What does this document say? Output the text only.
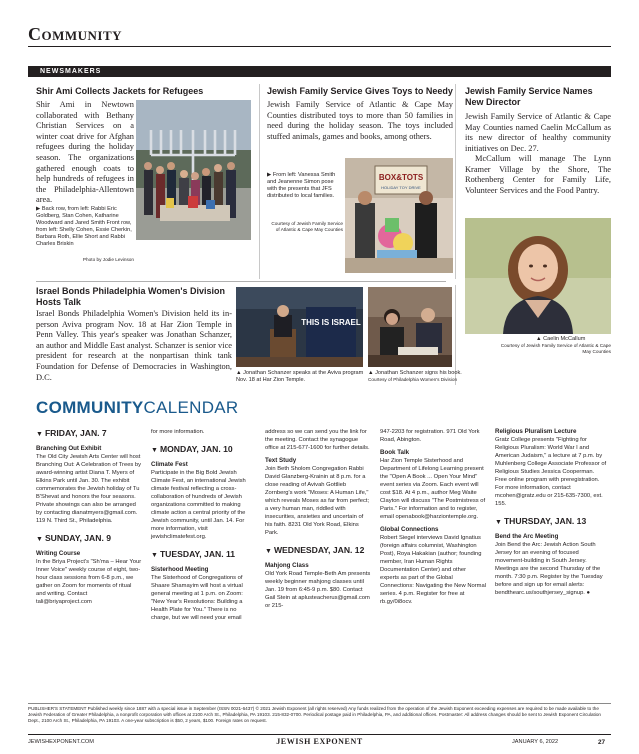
Community
NEWSMAKERS
Shir Ami Collects Jackets for Refugees
Shir Ami in Newtown collaborated with Bethany Christian Services on a winter coat drive for Afghan refugees during the holiday season. The organizations gathered enough coats to help hundreds of refugees in the Philadelphia-Allentown area.
▶ Back row, from left: Rabbi Eric Goldberg, Stan Cohen, Katharine Woodward and Jared Smith Front row, from left: Shelly Cohen, Essie Cherkin, Barbara Roth, Ellie Short and Rabbi Charles Briskin
Photo by Jodie Levinson
Jewish Family Service Gives Toys to Needy
Jewish Family Service of Atlantic & Cape May Counties distributed toys to more than 50 families in need during the holiday season. The toys included stuffed animals, games and books, among others.
▶ From left: Vanessa Smith and Jeanenne Simon pose with the presents that JFS distributed to local families.
Courtesy of Jewish Family Service of Atlantic & Cape May Counties
BOX&TOTS
HOLIDAY TOY DRIVE
Jewish Family Service Names New Director
Jewish Family Service of Atlantic & Cape May Counties named Caelin McCallum as its new director of healthy community initiatives on Dec. 27.
McCallum will manage The Lynn Kramer Village by the Shore, The Rothenberg Center for Family Life, Volunteer Services and the Food Pantry.
▲ Caelin McCallum
Courtesy of Jewish Family Service of Atlantic & Cape May Counties
Israel Bonds Philadelphia Women's Division Hosts Talk
Israel Bonds Philadelphia Women's Division held its in-person Aviva program Nov. 18 at Har Zion Temple in Penn Valley. This year's speaker was Jonathan Schanzer, an author and Middle East analyst. Schanzer is senior vice president for research at the nonpartisan think tank Foundation for Defense of Democracies in Washington, D.C.
THIS IS ISRAEL
▲ Jonathan Schanzer speaks at the Aviva program Nov. 18 at Har Zion Temple.
▲ Jonathan Schanzer signs his book.
Courtesy of Philadelphia Women's Division
COMMUNITYCALENDAR
▼ FRIDAY, JAN. 7
Branching Out Exhibit
The Old City Jewish Arts Center will host Branching Out: A Celebration of Trees by award-winning artist Diana T. Myers of Elkins Park until Jan. 30. The exhibit commemorates the Jewish holiday of Tu B'Shevat and honors the four seasons. Private showings can also be arranged by contacting dianatmyers@gmail.com. 119 N. Third St., Philadelphia.
▼ SUNDAY, JAN. 9
Writing Course
In the Briya Project's "Sh'ma – Hear Your Inner Voice" weekly course of eight, two-hour class sessions from 6-8 p.m., we gather on Zoom for moments of ritual and writing. Contact tali@briyaproject.com
for more information.
▼ MONDAY, JAN. 10
Climate Fest
Participate in the Big Bold Jewish Climate Fest, an international Jewish climate festival reflecting a cross-collaboration of hundreds of Jewish organizations committed to making climate action a central priority of the Jewish community, until Jan. 14. For more information, visit jewishclimatefest.org.
▼ TUESDAY, JAN. 11
Sisterhood Meeting
The Sisterhood of Congregations of Shaare Shamayim will host a virtual general meeting at 1 p.m. on Zoom: "New Year's Resolutions: Building a Health Plate for You." There is no charge, but we will need your email
address so we can send you the link for the meeting. Contact the synagogue office at 215-677-1600 for further details.
Text Study
Join Beth Sholom Congregation Rabbi David Glanzberg-Krainin at 8 p.m. for a close reading of Avivah Gottlieb Zornberg's work "Moses: A Human Life," which reveals Moses as far from perfect; a very human man, riddled with insecurities, anxieties and uncertain of his faith. 8231 Old York Road, Elkins Park.
▼ WEDNESDAY, JAN. 12
Mahjong Class
Old York Road Temple-Beth Am presents weekly beginner mahjong classes until Jan. 19 from 6:45-9 p.m. $80. Contact Gail Stein at aplusteacherus@gmail.com or 215-
947-2203 for registration. 971 Old York Road, Abington.
Book Talk
Har Zion Temple Sisterhood and Department of Lifelong Learning present the "Open A Book ... Open Your Mind" event series via Zoom. Each event will cost $18. At 4 p.m., author Meg Waite Clayton will discuss "The Postmistress of Paris." For information and to register, email openabook@harziontemple.org.
Global Connections
Robert Siegel interviews David Ignatius (foreign affairs columnist, Washington Post), Roya Hakakian (author; founding member, Iran Human Rights Documentation Center) and other experts as part of the Global Connections: Navigating the New Normal series. 4 p.m. Register for free at rb.gy/0i8ocv.
Religious Pluralism Lecture
Gratz College presents "Fighting for Religious Pluralism: World War I and American Judaism," a lecture at 7 p.m. by Muhlenberg College Associate Professor of Religious Studies Jessica Cooperman. Free online program with preregistration. For more information, contact mcohen@gratz.edu or 215-635-7300, ext. 155.
▼ THURSDAY, JAN. 13
Bend the Arc Meeting
Join Bend the Arc: Jewish Action South Jersey for an evening of focused movement-building in South Jersey. Meetings are the second Thursday of the month. 7:30 p.m. Register by the Tuesday before and sign up for email alerts: bendthearc.us/southjersey_signup. ●
PUBLISHER'S STATEMENT Published weekly since 1887 with a special issue in September (ISSN 0021-6437) © 2021 Jewish Exponent (all rights reserved) Any funds realized from the operation of the Jewish Exponent exceeding expenses are required to be made available to the Jewish Federation of Greater Philadelphia, a nonprofit corporation with offices at 2100 Arch St., Philadelphia, PA 19103. 215-832-0700. Periodical postage paid in Philadelphia, PA, and additional offices. Postmaster: All address changes should be sent to Jewish Exponent Circulation Dept., 2100 Arch St., Philadelphia, PA 19103. A one-year subscription is $50, 2 years, $100. Foreign rates on request.
JEWISHEXPONENT.COM	JEWISH EXPONENT	JANUARY 6, 2022	27
